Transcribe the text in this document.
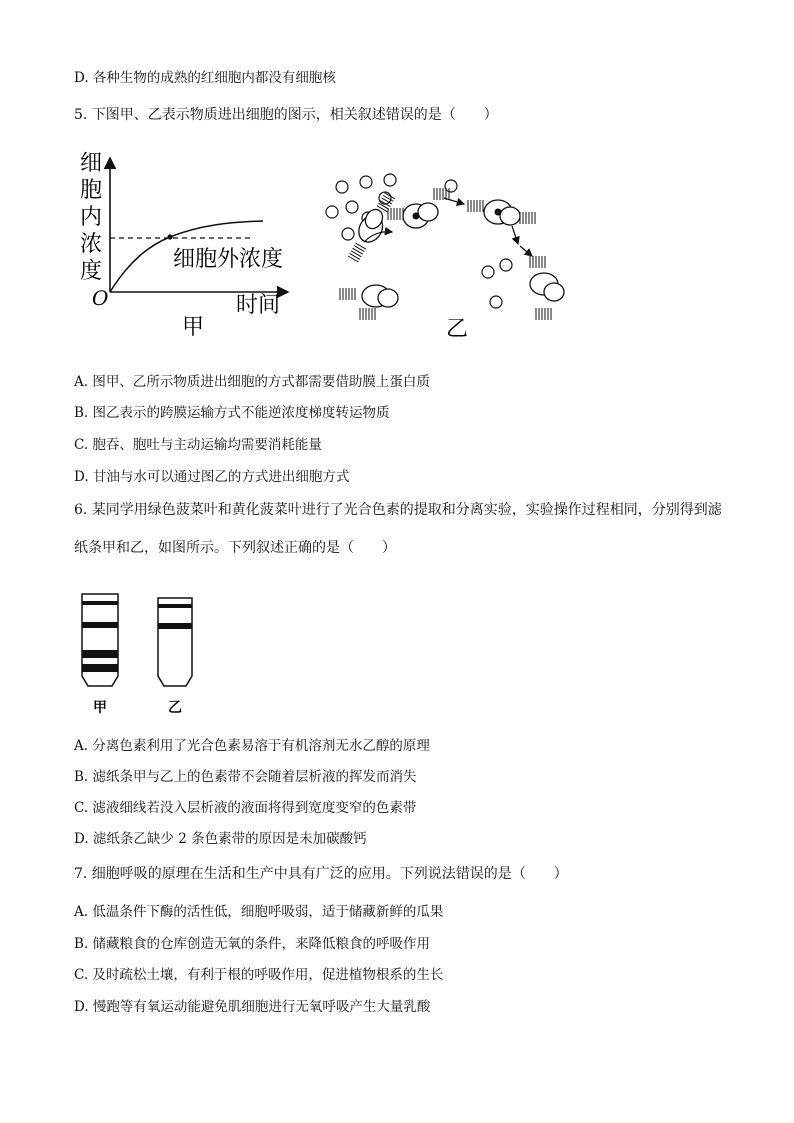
D. 各种生物的成熟的红细胞内都没有细胞核
5. 下图甲、乙表示物质进出细胞的图示，相关叙述错误的是（　　）
细
胞
内
浓
度
O	时间
细胞外浓度
甲	乙
A. 图甲、乙所示物质进出细胞的方式都需要借助膜上蛋白质
B. 图乙表示的跨膜运输方式不能逆浓度梯度转运物质
C. 胞吞、胞吐与主动运输均需要消耗能量
D. 甘油与水可以通过图乙的方式进出细胞方式
6. 某同学用绿色菠菜叶和黄化菠菜叶进行了光合色素的提取和分离实验，实验操作过程相同，分别得到滤
纸条甲和乙，如图所示。下列叙述正确的是（　　）
甲	乙
A. 分离色素利用了光合色素易溶于有机溶剂无水乙醇的原理
B. 滤纸条甲与乙上的色素带不会随着层析液的挥发而消失
C. 滤液细线若没入层析液的液面将得到宽度变窄的色素带
D. 滤纸条乙缺少 2 条色素带的原因是未加碳酸钙
7. 细胞呼吸的原理在生活和生产中具有广泛的应用。下列说法错误的是（　　）
A. 低温条件下酶的活性低，细胞呼吸弱，适于储藏新鲜的瓜果
B. 储藏粮食的仓库创造无氧的条件，来降低粮食的呼吸作用
C. 及时疏松土壤，有利于根的呼吸作用，促进植物根系的生长
D. 慢跑等有氧运动能避免肌细胞进行无氧呼吸产生大量乳酸
